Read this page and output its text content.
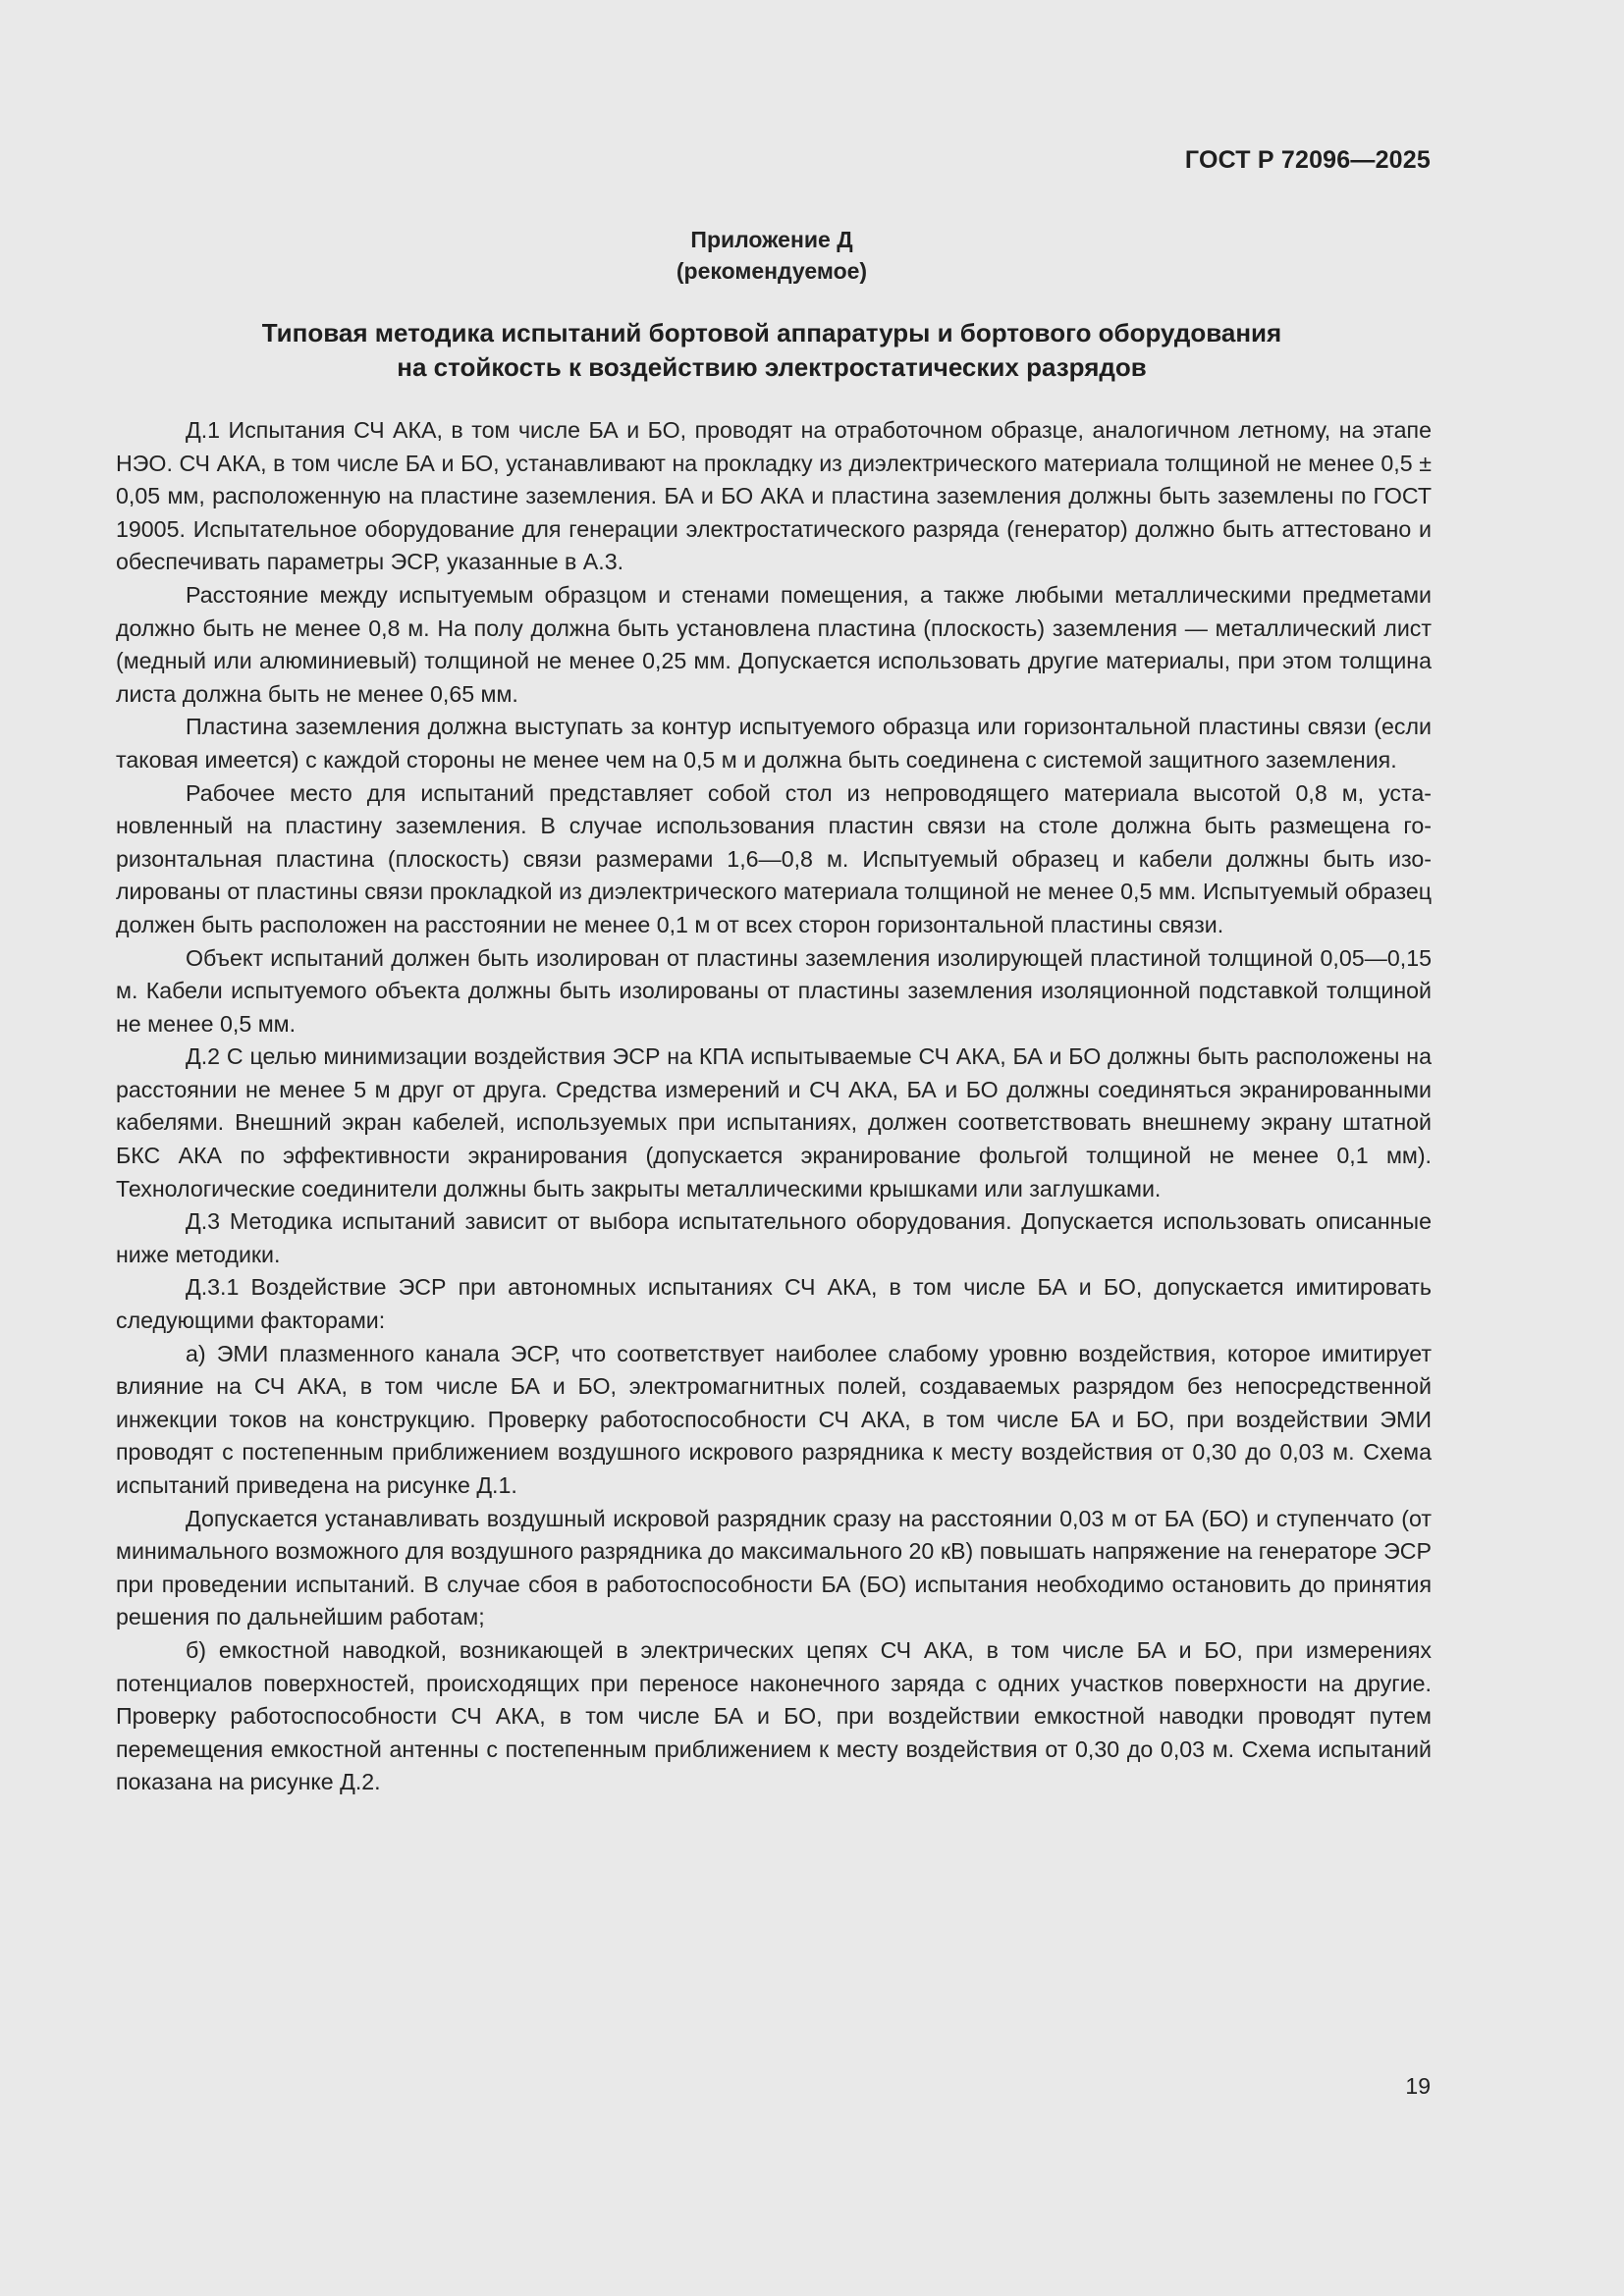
ГОСТ Р 72096—2025
Приложение Д
(рекомендуемое)
Типовая методика испытаний бортовой аппаратуры и бортового оборудования
на стойкость к воздействию электростатических разрядов

Д.1 Испытания СЧ АКА, в том числе БА и БО, проводят на отработочном образце, аналогичном летному, на этапе НЭО. СЧ АКА, в том числе БА и БО, устанавливают на прокладку из диэлектрического материала толщиной не менее 0,5 ± 0,05 мм, расположенную на пластине заземления. БА и БО АКА и пластина заземления должны быть заземлены по ГОСТ 19005. Испытательное оборудование для генерации электростатического разряда (генератор) должно быть аттестовано и обеспечивать параметры ЭСР, указанные в А.3.

Расстояние между испытуемым образцом и стенами помещения, а также любыми металлическими предметами должно быть не менее 0,8 м. На полу должна быть установлена пластина (плоскость) заземления — металлический лист (медный или алюминиевый) толщиной не менее 0,25 мм. Допускается использовать другие материалы, при этом толщина листа должна быть не менее 0,65 мм.

Пластина заземления должна выступать за контур испытуемого образца или горизонтальной пластины связи (если таковая имеется) с каждой стороны не менее чем на 0,5 м и должна быть соединена с системой защитного заземления.

Рабочее место для испытаний представляет собой стол из непроводящего материала высотой 0,8 м, установленный на пластину заземления. В случае использования пластин связи на столе должна быть размещена горизонтальная пластина (плоскость) связи размерами 1,6—0,8 м. Испытуемый образец и кабели должны быть изолированы от пластины связи прокладкой из диэлектрического материала толщиной не менее 0,5 мм. Испытуемый образец должен быть расположен на расстоянии не менее 0,1 м от всех сторон горизонтальной пластины связи.

Объект испытаний должен быть изолирован от пластины заземления изолирующей пластиной толщиной 0,05—0,15 м. Кабели испытуемого объекта должны быть изолированы от пластины заземления изоляционной подставкой толщиной не менее 0,5 мм.

Д.2 С целью минимизации воздействия ЭСР на КПА испытываемые СЧ АКА, БА и БО должны быть расположены на расстоянии не менее 5 м друг от друга. Средства измерений и СЧ АКА, БА и БО должны соединяться экранированными кабелями. Внешний экран кабелей, используемых при испытаниях, должен соответствовать внешнему экрану штатной БКС АКА по эффективности экранирования (допускается экранирование фольгой толщиной не менее 0,1 мм). Технологические соединители должны быть закрыты металлическими крышками или заглушками.

Д.3 Методика испытаний зависит от выбора испытательного оборудования. Допускается использовать описанные ниже методики.

Д.3.1 Воздействие ЭСР при автономных испытаниях СЧ АКА, в том числе БА и БО, допускается имитировать следующими факторами:

а) ЭМИ плазменного канала ЭСР, что соответствует наиболее слабому уровню воздействия, которое имитирует влияние на СЧ АКА, в том числе БА и БО, электромагнитных полей, создаваемых разрядом без непосредственной инжекции токов на конструкцию. Проверку работоспособности СЧ АКА, в том числе БА и БО, при воздействии ЭМИ проводят с постепенным приближением воздушного искрового разрядника к месту воздействия от 0,30 до 0,03 м. Схема испытаний приведена на рисунке Д.1.

Допускается устанавливать воздушный искровой разрядник сразу на расстоянии 0,03 м от БА (БО) и ступенчато (от минимального возможного для воздушного разрядника до максимального 20 кВ) повышать напряжение на генераторе ЭСР при проведении испытаний. В случае сбоя в работоспособности БА (БО) испытания необходимо остановить до принятия решения по дальнейшим работам;

б) емкостной наводкой, возникающей в электрических цепях СЧ АКА, в том числе БА и БО, при измерениях потенциалов поверхностей, происходящих при переносе наконечного заряда с одних участков поверхности на другие. Проверку работоспособности СЧ АКА, в том числе БА и БО, при воздействии емкостной наводки проводят путем перемещения емкостной антенны с постепенным приближением к месту воздействия от 0,30 до 0,03 м. Схема испытаний показана на рисунке Д.2.

19
